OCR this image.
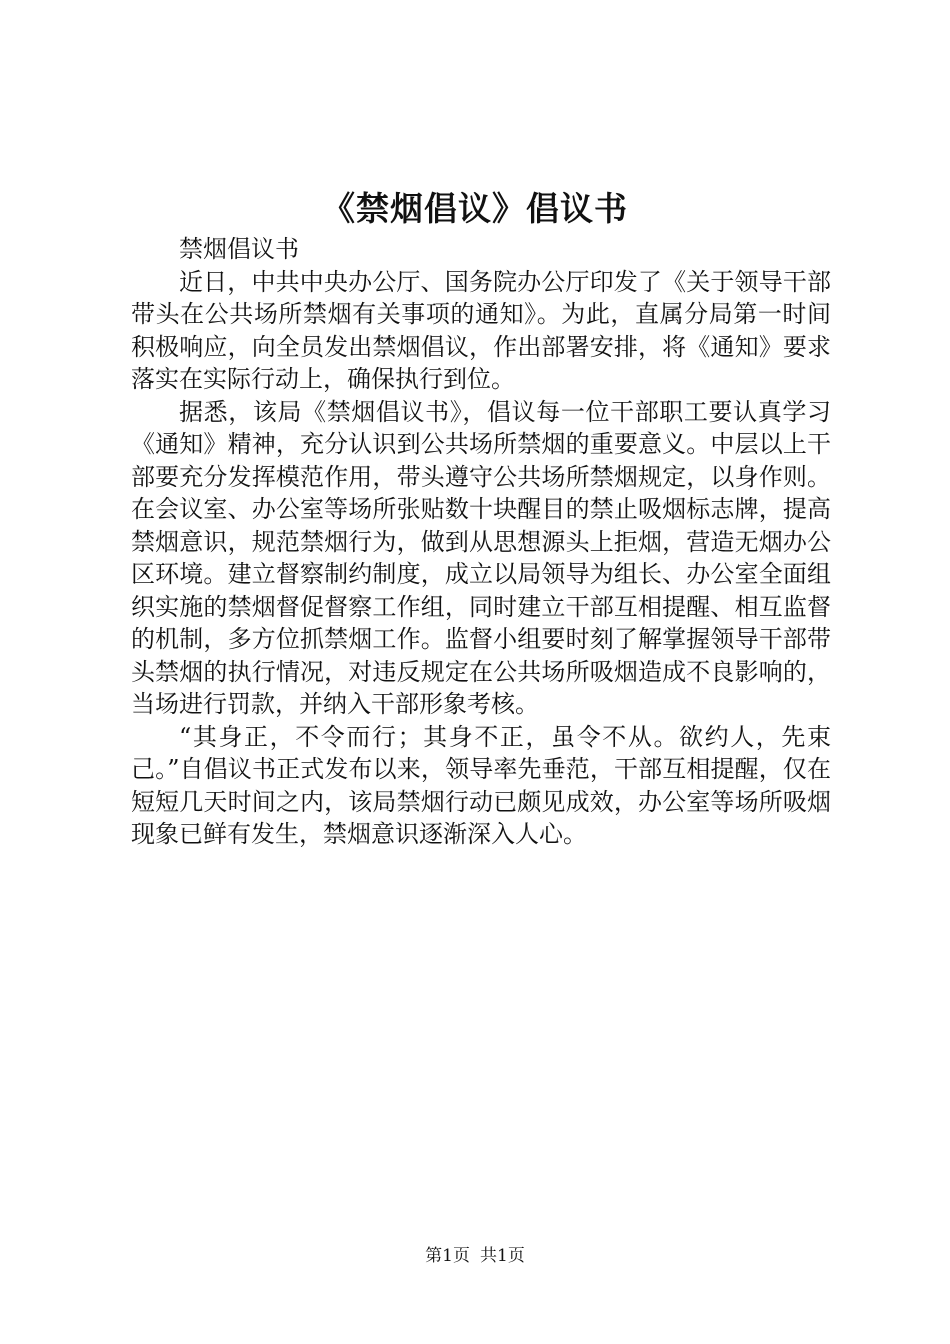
《禁烟倡议》倡议书

禁烟倡议书

近日，中共中央办公厅、国务院办公厅印发了《关于领导干部带头在公共场所禁烟有关事项的通知》。为此，直属分局第一时间积极响应，向全员发出禁烟倡议，作出部署安排，将《通知》要求落实在实际行动上，确保执行到位。

据悉，该局《禁烟倡议书》，倡议每一位干部职工要认真学习《通知》精神，充分认识到公共场所禁烟的重要意义。中层以上干部要充分发挥模范作用，带头遵守公共场所禁烟规定，以身作则。在会议室、办公室等场所张贴数十块醒目的禁止吸烟标志牌，提高禁烟意识，规范禁烟行为，做到从思想源头上拒烟，营造无烟办公区环境。建立督察制约制度，成立以局领导为组长、办公室全面组织实施的禁烟督促督察工作组，同时建立干部互相提醒、相互监督的机制，多方位抓禁烟工作。监督小组要时刻了解掌握领导干部带头禁烟的执行情况，对违反规定在公共场所吸烟造成不良影响的，当场进行罚款，并纳入干部形象考核。

“其身正，不令而行；其身不正，虽令不从。欲约人，先束己。”自倡议书正式发布以来，领导率先垂范，干部互相提醒，仅在短短几天时间之内，该局禁烟行动已颇见成效，办公室等场所吸烟现象已鲜有发生，禁烟意识逐渐深入人心。

第1页 共1页
